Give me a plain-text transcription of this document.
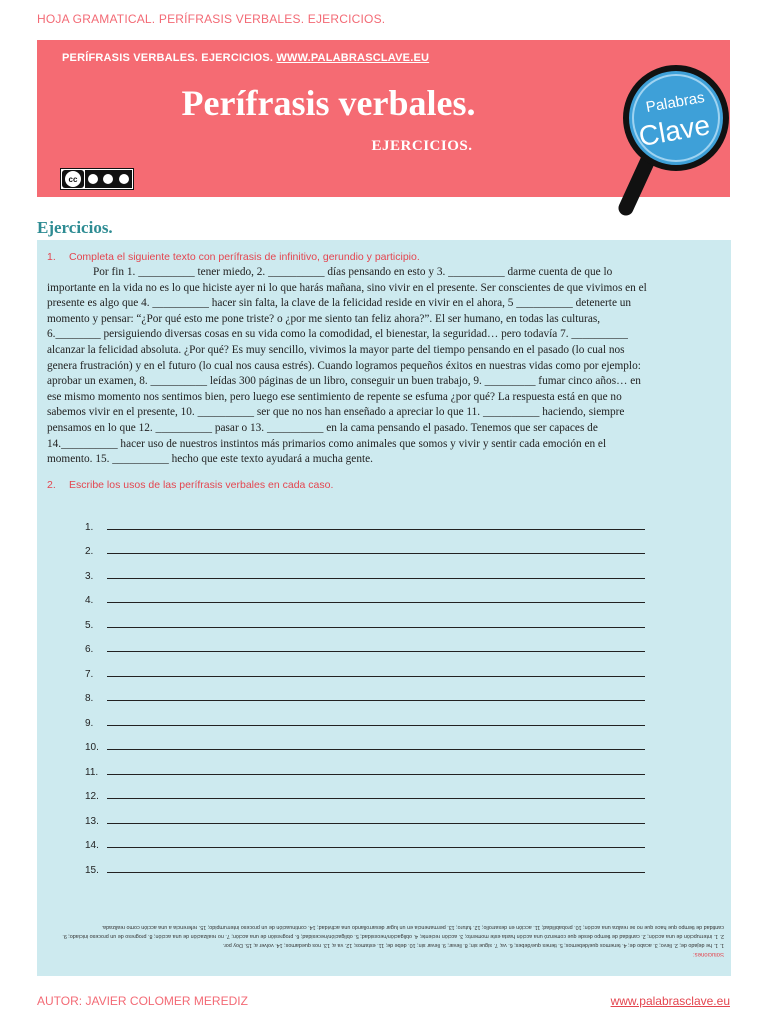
HOJA GRAMATICAL. PERÍFRASIS VERBALES. EJERCICIOS.
PERÍFRASIS VERBALES. EJERCICIOS. WWW.PALABRASCLAVE.EU
Perífrasis verbales.
EJERCICIOS.
cc
Palabras
Clave
Ejercicios.
1. Completa el siguiente texto con perífrasis de infinitivo, gerundio y participio.
Por fin 1. __________ tener miedo, 2. __________ días pensando en esto y 3. __________ darme cuenta de que lo
importante en la vida no es lo que hiciste ayer ni lo que harás mañana, sino vivir en el presente. Ser conscientes de que vivimos en el
presente es algo que 4. __________ hacer sin falta, la clave de la felicidad reside en vivir en el ahora, 5 __________ detenerte un
momento y pensar: “¿Por qué esto me pone triste? o ¿por me siento tan feliz ahora?”. El ser humano, en todas las culturas,
6.________ persiguiendo diversas cosas en su vida como la comodidad, el bienestar, la seguridad… pero todavía 7. __________
alcanzar la felicidad absoluta. ¿Por qué? Es muy sencillo, vivimos la mayor parte del tiempo pensando en el pasado (lo cual nos
genera frustración) y en el futuro (lo cual nos causa estrés). Cuando logramos pequeños éxitos en nuestras vidas como por ejemplo:
aprobar un examen, 8. __________ leídas 300 páginas de un libro, conseguir un buen trabajo, 9. _________ fumar cinco años… en
ese mismo momento nos sentimos bien, pero luego ese sentimiento de repente se esfuma ¿por qué? La respuesta está en que no
sabemos vivir en el presente, 10. __________ ser que no nos han enseñado a apreciar lo que 11. __________ haciendo, siempre
pensamos en lo que 12. __________ pasar o 13. __________ en la cama pensando el pasado. Tenemos que ser capaces de
14.__________ hacer uso de nuestros instintos más primarios como animales que somos y vivir y sentir cada emoción en el
momento. 15. __________ hecho que este texto ayudará a mucha gente.
2. Escribe los usos de las perífrasis verbales en cada caso.
1.
2.
3.
4.
5.
6.
7.
8.
9.
10.
11.
12.
13.
14.
15.
Soluciones:
1. 1. he dejado de; 2. llevo; 3. acabo de; 4. tenemos que/debemos; 5. tienes que/debes; 6. va; 7. sigue sin; 8. llevar; 9. llevar sin; 10. debe de; 11. estamos; 12. va a; 13. nos quedamos; 14. volver a; 15. Doy por.
2. 1. interrupción de una acción; 2. cantidad de tiempo desde que comenzó una acción hasta este momento; 3. acción reciente; 4. obligación/necesidad; 5. obligación/necesidad; 6. progresión de una acción; 7. no realización de una acción; 8. progreso de un proceso iniciado; 9. cantidad de tiempo que hace que no se realiza una acción; 10. probabilidad; 11. acción en desarrollo; 12. futuro; 13. permanencia en un lugar desarrollando una actividad; 14. continuación de un proceso interrumpido; 15. referencia a una acción como realizada.
AUTOR: JAVIER COLOMER MEREDIZ	www.palabrasclave.eu
